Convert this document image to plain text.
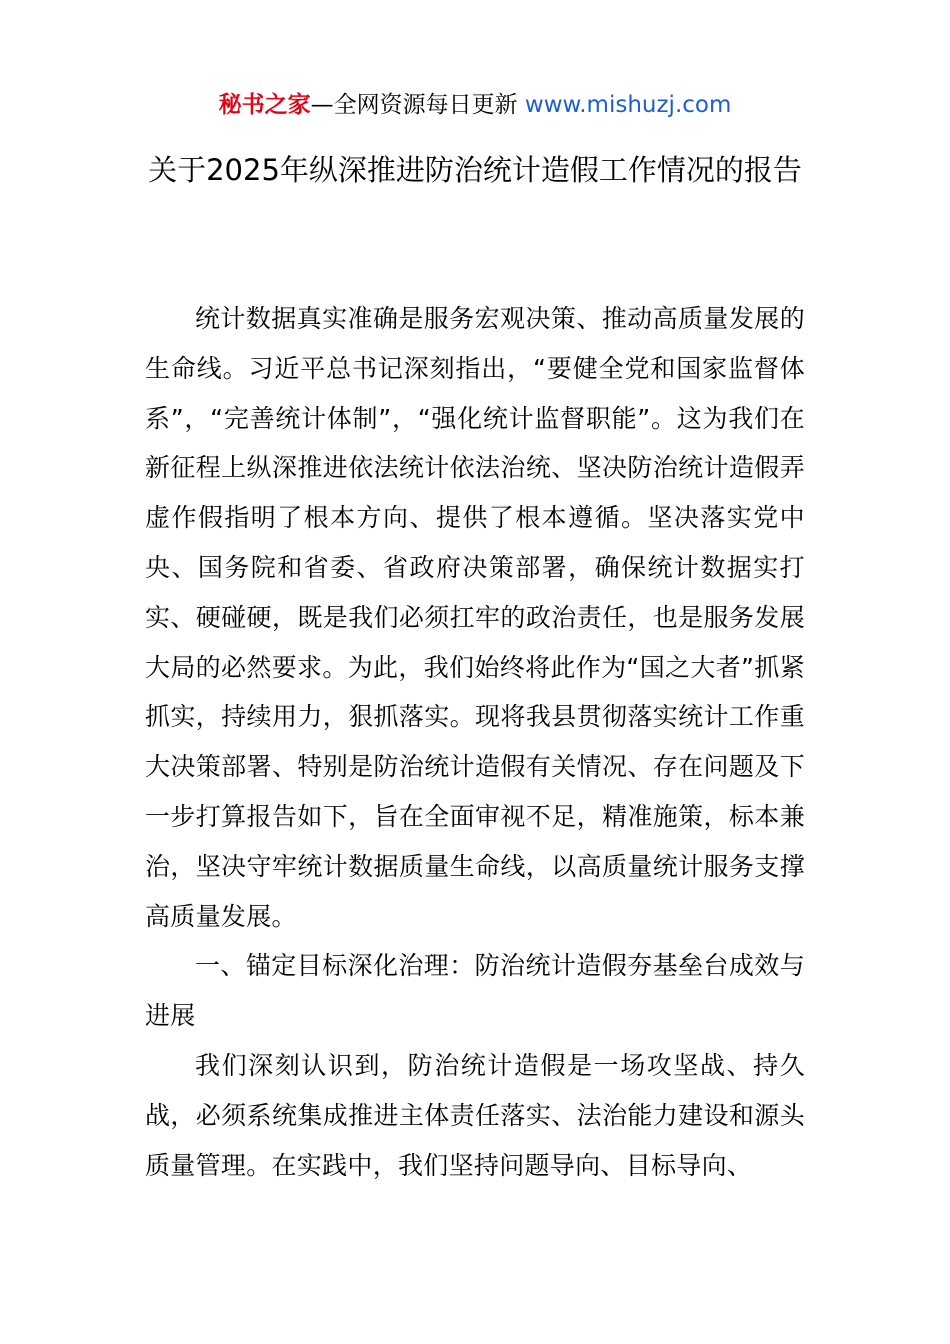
秘书之家—全网资源每日更新 www.mishuzj.com
关于2025年纵深推进防治统计造假工作情况的报告

统计数据真实准确是服务宏观决策、推动高质量发展的生命线。习近平总书记深刻指出，“要健全党和国家监督体系”，“完善统计体制”，“强化统计监督职能”。这为我们在新征程上纵深推进依法统计依法治统、坚决防治统计造假弄虚作假指明了根本方向、提供了根本遵循。坚决落实党中央、国务院和省委、省政府决策部署，确保统计数据实打实、硬碰硬，既是我们必须扛牢的政治责任，也是服务发展大局的必然要求。为此，我们始终将此作为“国之大者”抓紧抓实，持续用力，狠抓落实。现将我县贯彻落实统计工作重大决策部署、特别是防治统计造假有关情况、存在问题及下一步打算报告如下，旨在全面审视不足，精准施策，标本兼治，坚决守牢统计数据质量生命线，以高质量统计服务支撑高质量发展。

一、锚定目标深化治理：防治统计造假夯基垒台成效与进展

我们深刻认识到，防治统计造假是一场攻坚战、持久战，必须系统集成推进主体责任落实、法治能力建设和源头质量管理。在实践中，我们坚持问题导向、目标导向、
